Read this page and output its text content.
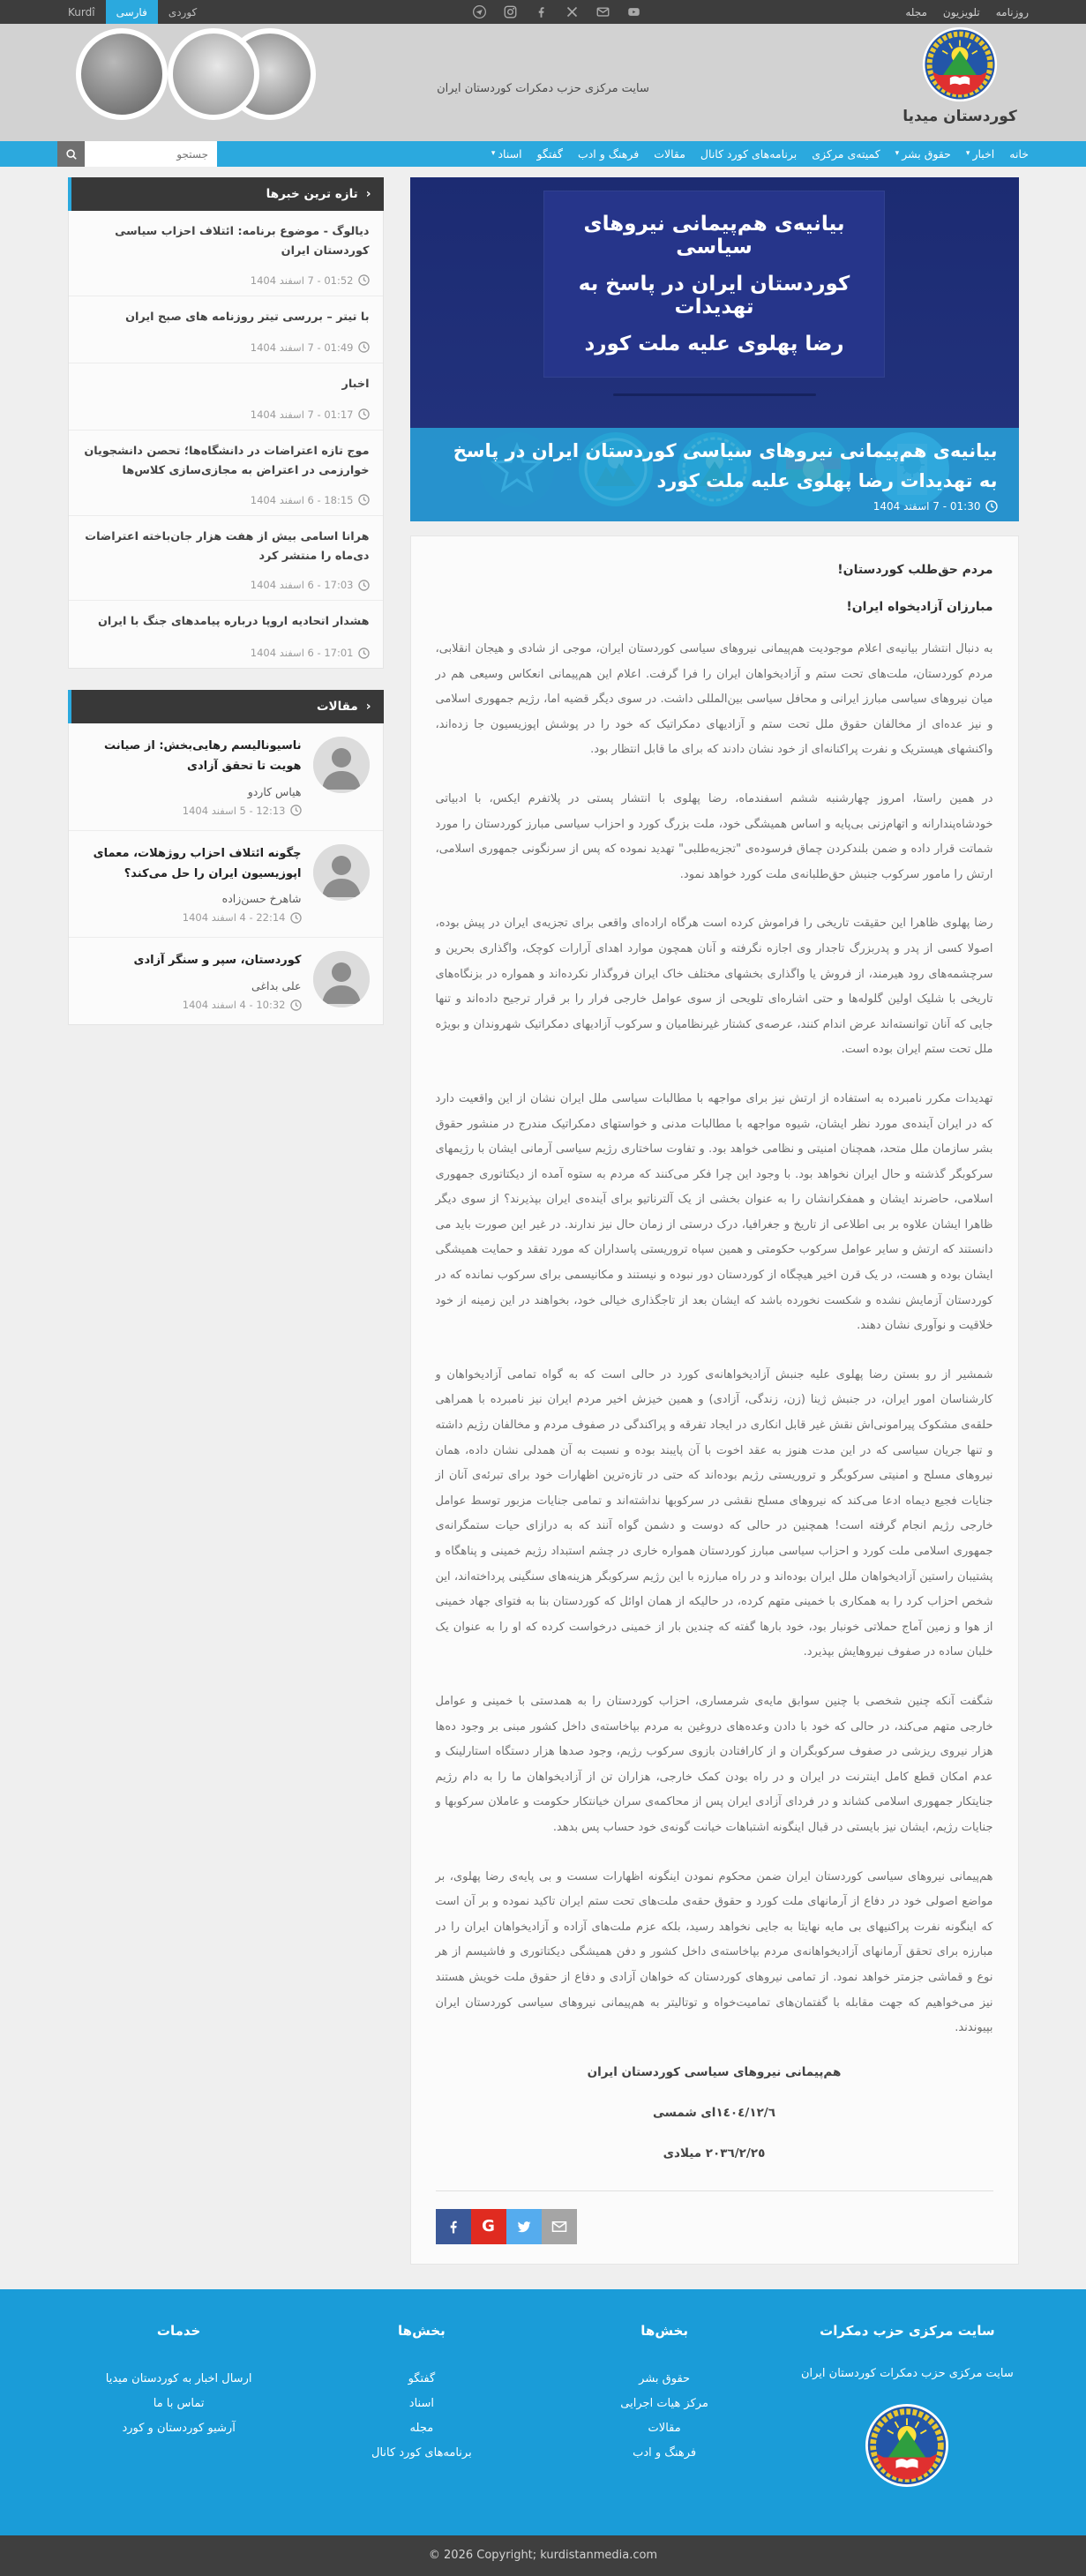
روزنامه
تلویزیون
مجله
کوردی
فارسی
Kurdî
کوردستان میدیا
سایت مرکزی حزب دمکرات کوردستان ایران
خانه
اخبار
▾
حقوق بشر
▾
کمیته‌ی مرکزی
برنامه‌های کورد کانال
مقالات
فرهنگ و ادب
گفتگو
اسناد
▾
جستجو
بیانیه‌ی هم‌پیمانی نیروهای سیاسی
کوردستان ایران در پاسخ به تهدیدات
رضا پهلوی علیه ملت کورد
بیانیه‌ی هم‌پیمانی نیروهای سیاسی کوردستان ایران در پاسخ به تهدیدات رضا پهلوی علیه ملت کورد
01:30 - 7 اسفند 1404

مردم حق‌طلب کوردستان!

مبارزان آزادیخواه ایران!

به دنبال انتشار بیانیه‌ی اعلام موجودیت هم‌پیمانی نیروهای سیاسی کوردستان ایران، موجی از شادی و هیجان انقلابی، مردم کوردستان، ملت‌های تحت ستم و آزادیخواهان ایران را فرا گرفت. اعلام این هم‌پیمانی انعکاس وسیعی هم در میان نیروهای سیاسی مبارز ایرانی و محافل سیاسی بین‌المللی داشت. در سوی دیگر قضیه اما، رژیم جمهوری اسلامی و نیز عده‌ای از مخالفان حقوق ملل تحت ستم و آزادیهای دمکراتیک که خود را در پوشش اپوزیسیون جا زده‌اند، واکنشهای هیستریک و نفرت پراکنانه‌ای از خود نشان دادند که برای ما قابل انتظار بود.

در همین راستا، امروز چهارشنبه ششم اسفندماه، رضا پهلوی با انتشار پستی در پلاتفرم ایکس، با ادبیاتی خودشاه‌پندارانه و اتهام‌زنی بی‌پایه و اساس همیشگی خود، ملت بزرگ کورد و احزاب سیاسی مبارز کوردستان را مورد شماتت قرار داده و ضمن بلندکردن چماق فرسوده‌ی "تجزیه‌طلبی" تهدید نموده که پس از سرنگونی جمهوری اسلامی، ارتش را مامور سرکوب جنبش حق‌طلبانه‌ی ملت کورد خواهد نمود.

رضا پهلوی ظاهرا این حقیقت تاریخی را فراموش کرده است هرگاه اراده‌ای واقعی برای تجزیه‌ی ایران در پیش بوده، اصولا کسی از پدر و پدربزرگ تاجدار وی اجازه نگرفته و آنان همچون موارد اهدای آرارات کوچک، واگذاری بحرین و سرچشمه‌های رود هیرمند، از فروش یا واگذاری بخشهای مختلف خاک ایران فروگذار نکرده‌اند و همواره در بزنگاه‌های تاریخی با شلیک اولین گلوله‌ها و حتی اشاره‌ای تلویحی از سوی عوامل خارجی فرار را بر قرار ترجیح داده‌اند و تنها جایی که آنان توانسته‌اند عرض اندام کنند، عرصه‌ی کشتار غیرنظامیان و سرکوب آزادیهای دمکراتیک شهروندان و بویژه ملل تحت ستم ایران بوده است.

تهدیدات مکرر نامبرده به استفاده از ارتش نیز برای مواجهه با مطالبات سیاسی ملل ایران نشان از این واقعیت دارد که در ایران آینده‌ی مورد نظر ایشان، شیوه مواجهه با مطالبات مدنی و خواستهای دمکراتیک مندرج در منشور حقوق بشر سازمان ملل متحد، همچنان امنیتی و نظامی خواهد بود. و تفاوت ساختاری رژیم سیاسی آرمانی ایشان با رژیمهای سرکوبگر گذشته و حال ایران نخواهد بود. با وجود این چرا فکر می‌کنند که مردم به ستوه آمده از دیکتاتوری جمهوری اسلامی، حاضرند ایشان و همفکرانشان را به عنوان بخشی از یک آلترناتیو برای آینده‌ی ایران بپذیرند؟ از سوی دیگر ظاهرا ایشان علاوه بر بی اطلاعی از تاریخ و جغرافیا، درک درستی از زمان حال نیز ندارند. در غیر این صورت باید می دانستند که ارتش و سایر عوامل سرکوب حکومتی و همین سپاه تروریستی پاسداران که مورد تفقد و حمایت همیشگی ایشان بوده و هست، در یک قرن اخیر هیچگاه از کوردستان دور نبوده و نیستند و مکانیسمی برای سرکوب نمانده که در کوردستان آزمایش نشده و شکست نخورده باشد که ایشان بعد از تاجگذاری خیالی خود، بخواهند در این زمینه از خود خلاقیت و نوآوری نشان دهند.

شمشیر از رو بستن رضا پهلوی علیه جنبش آزادیخواهانه‌ی کورد در حالی است که به گواه تمامی آزادیخواهان و کارشناسان امور ایران، در جنبش ژینا (زن، زندگی، آزادی) و همین خیزش اخیر مردم ایران نیز نامبرده با همراهی حلقه‌ی مشکوک پیرامونی‌اش نقش غیر قابل انکاری در ایجاد تفرقه و پراکندگی در صفوف مردم و مخالفان رژیم داشته و تنها جریان سیاسی که در این مدت هنوز به عقد اخوت با آن پایبند بوده و نسبت به آن همدلی نشان داده، همان نیروهای مسلح و امنیتی سرکوبگر و تروریستی رژیم بوده‌اند که حتی در تازه‌ترین اظهارات خود برای تبرئه‌ی آنان از جنایات فجیع دیماه ادعا می‌کند که نیروهای مسلح نقشی در سرکوبها نداشته‌اند و تمامی جنایات مزبور توسط عوامل خارجی رژیم انجام گرفته است! همچنین در حالی که دوست و دشمن گواه آنند که به درازای حیات ستمگرانه‌ی جمهوری اسلامی ملت کورد و احزاب سیاسی مبارز کوردستان همواره خاری در چشم استبداد رژیم خمینی و پناهگاه و پشتیبان راستین آزادیخواهان ملل ایران بوده‌اند و در راه مبارزه با این رژیم سرکوبگر هزینه‌های سنگینی پرداخته‌اند، این شخص احزاب کرد را به همکاری با خمینی متهم کرده، در حالیکه از همان اوائل که کوردستان بنا به فتوای جهاد خمینی از هوا و زمین آماج حملاتی خونبار بود، خود بارها گفته که چندین بار از خمینی درخواست کرده که او را به عنوان یک خلبان ساده در صفوف نیروهایش بپذیرد.

شگفت آنکه چنین شخصی با چنین سوابق مایه‌ی شرمساری، احزاب کوردستان را به همدستی با خمینی و عوامل خارجی متهم می‌کند، در حالی که خود با دادن وعده‌های دروغین به مردم بپاخاسته‌ی داخل کشور مبنی بر وجود ده‌ها هزار نیروی ریزشی در صفوف سرکوبگران و از کارافتادن بازوی سرکوب رژیم، وجود صدها هزار دستگاه استارلینک و عدم امکان قطع کامل اینترنت در ایران و در راه بودن کمک خارجی، هزاران تن از آزادیخواهان ما را به دام رژیم جنایتکار جمهوری اسلامی کشاند و در فردای آزادی ایران پس از محاکمه‌ی سران خیانتکار حکومت و عاملان سرکوبها و جنایات رژیم، ایشان نیز بایستی در قبال اینگونه اشتباهات خیانت گونه‌ی خود حساب پس بدهد.

هم‌پیمانی نیروهای سیاسی کوردستان ایران ضمن محکوم نمودن اینگونه اظهارات سست و بی پایه‌ی رضا پهلوی، بر مواضع اصولی خود در دفاع از آرمانهای ملت کورد و حقوق حقه‌ی ملت‌های تحت ستم ایران تاکید نموده و بر آن است که اینگونه نفرت پراکنیهای بی مایه نهایتا به جایی نخواهد رسید، بلکه عزم ملت‌های آزاده و آزادیخواهان ایران را در مبارزه برای تحقق آرمانهای آزادیخواهانه‌ی مردم بپاخاسته‌ی داخل کشور و دفن همیشگی دیکتاتوری و فاشیسم از هر نوع و قماشی جزمتر خواهد نمود. از تمامی نیروهای کوردستان که خواهان آزادی و دفاع از حقوق ملت خویش هستند نیز می‌خواهیم که جهت مقابله با گفتمان‌های تمامیت‌خواه و توتالیتر به هم‌پیمانی نیروهای سیاسی کوردستان ایران بپیوندند.

هم‌پیمانی نیروهای سیاسی کوردستان ایران

١٤٠٤/١٢/٦ای شمسی

٢٠٣٦/٢/٢٥ میلادی

G
‹
تازه ترین خبرها
دیالوگ - موضوع برنامه: ائتلاف احزاب سیاسی کوردستان ایران
01:52 - 7 اسفند 1404
با تیتر – بررسی تیتر روزنامه های صبح ایران
01:49 - 7 اسفند 1404
اخبار
01:17 - 7 اسفند 1404
موج تازه اعتراضات در دانشگاه‌ها؛ تحصن دانشجویان خوارزمی در اعتراض به مجازی‌سازی کلاس‌ها
18:15 - 6 اسفند 1404
هرانا اسامی بیش از هفت هزار جان‌باخته اعتراضات دی‌ماه را منتشر کرد
17:03 - 6 اسفند 1404
هشدار اتحادیه اروپا درباره پیامدهای جنگ با ایران
17:01 - 6 اسفند 1404
‹
مقالات
ناسیونالیسم رهایی‌بخش: از صیانت هویت تا تحقق آزادی
هیاس کاردو
12:13 - 5 اسفند 1404
چگونه ائتلاف احزاب روژهلات، معمای اپوزیسیون ایران را حل می‌کند؟
شاهرخ حسن‌زاده
22:14 - 4 اسفند 1404
کوردستان، سپر و سنگر آزادی
علی بداغی
10:32 - 4 اسفند 1404
سایت مرکزی حزب دمکرات
سایت مرکزی حزب دمکرات کوردستان ایران
بخش‌ها
حقوق بشر
مرکز هیات اجرایی
مقالات
فرهنگ و ادب
بخش‌ها
گفتگو
اسناد
مجله
برنامه‌های کورد کانال
خدمات
ارسال اخبار به کوردستان میدیا
تماس با ما
آرشیو کوردستان و کورد
© 2026 Copyright; kurdistanmedia.com
